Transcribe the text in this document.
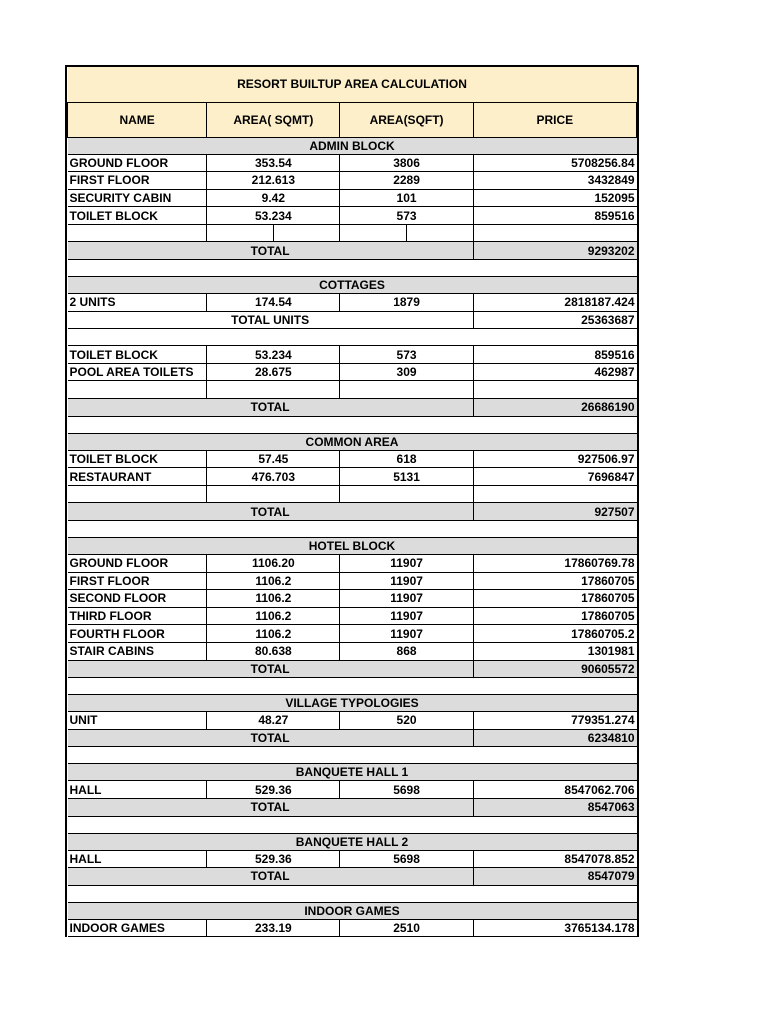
RESORT BUILTUP AREA CALCULATION			
NAME	AREA( SQMT)	AREA(SQFT)	PRICE
ADMIN BLOCK			
GROUND FLOOR	353.54	3806	5708256.84
FIRST FLOOR	212.613	2289	3432849
SECURITY CABIN	9.42	101	152095
TOILET BLOCK	53.234	573	859516

TOTAL			9293202

COTTAGES			
2 UNITS	174.54	1879	2818187.424
TOTAL UNITS			25363687

TOILET BLOCK	53.234	573	859516
POOL AREA TOILETS	28.675	309	462987

TOTAL			26686190

COMMON AREA			
TOILET BLOCK	57.45	618	927506.97
RESTAURANT	476.703	5131	7696847

TOTAL			927507

HOTEL BLOCK			
GROUND FLOOR	1106.20	11907	17860769.78
FIRST FLOOR	1106.2	11907	17860705
SECOND FLOOR	1106.2	11907	17860705
THIRD FLOOR	1106.2	11907	17860705
FOURTH FLOOR	1106.2	11907	17860705.2
STAIR CABINS	80.638	868	1301981
TOTAL			90605572

VILLAGE TYPOLOGIES			
UNIT	48.27	520	779351.274
TOTAL			6234810

BANQUETE HALL 1			
HALL	529.36	5698	8547062.706
TOTAL			8547063

BANQUETE HALL 2			
HALL	529.36	5698	8547078.852
TOTAL			8547079

INDOOR GAMES			
INDOOR GAMES	233.19	2510	3765134.178
